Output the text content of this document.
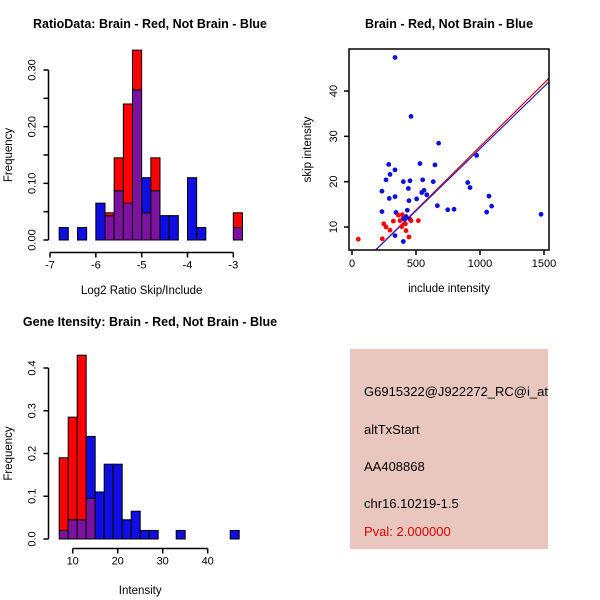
RatioData: Brain - Red, Not Brain - Blue
0.00
0.10
0.20
0.30
-7	-6	-5	-4	-3
Frequency
Log2 Ratio Skip/Include
Brain - Red, Not Brain - Blue
0	500	1000	1500
10
20
30
40
skip intensity
include intensity
Gene Itensity: Brain - Red, Not Brain - Blue
0.0
0.1
0.2
0.3
0.4
10	20	30	40
Frequency
Intensity
G6915322@J922272_RC@i_at
altTxStart
AA408868
chr16.10219-1.5
Pval: 2.000000
